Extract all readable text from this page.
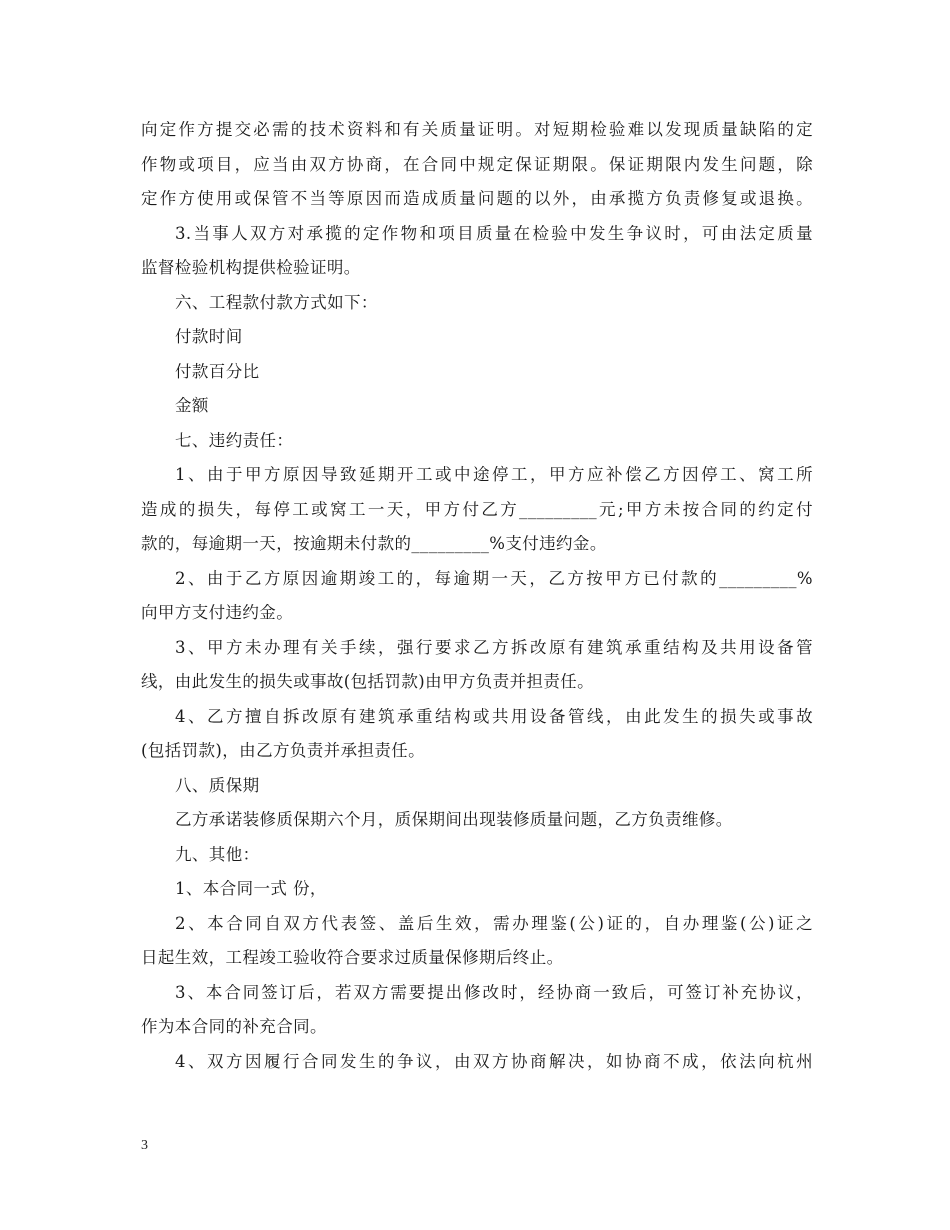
向定作方提交必需的技术资料和有关质量证明。对短期检验难以发现质量缺陷的定
作物或项目，应当由双方协商，在合同中规定保证期限。保证期限内发生问题，除
定作方使用或保管不当等原因而造成质量问题的以外，由承揽方负责修复或退换。
3.当事人双方对承揽的定作物和项目质量在检验中发生争议时，可由法定质量
监督检验机构提供检验证明。
六、工程款付款方式如下：
付款时间
付款百分比
金额
七、违约责任：
1、由于甲方原因导致延期开工或中途停工，甲方应补偿乙方因停工、窝工所
造成的损失，每停工或窝工一天，甲方付乙方_________元;甲方未按合同的约定付
款的，每逾期一天，按逾期未付款的_________%支付违约金。
2、由于乙方原因逾期竣工的，每逾期一天，乙方按甲方已付款的_________%
向甲方支付违约金。
3、甲方未办理有关手续，强行要求乙方拆改原有建筑承重结构及共用设备管
线，由此发生的损失或事故(包括罚款)由甲方负责并担责任。
4、乙方擅自拆改原有建筑承重结构或共用设备管线，由此发生的损失或事故
(包括罚款)，由乙方负责并承担责任。
八、质保期
乙方承诺装修质保期六个月，质保期间出现装修质量问题，乙方负责维修。
九、其他：
1、本合同一式 份，
2、本合同自双方代表签、盖后生效，需办理鉴(公)证的，自办理鉴(公)证之
日起生效，工程竣工验收符合要求过质量保修期后终止。
3、本合同签订后，若双方需要提出修改时，经协商一致后，可签订补充协议，
作为本合同的补充合同。
4、双方因履行合同发生的争议，由双方协商解决，如协商不成，依法向杭州
3
